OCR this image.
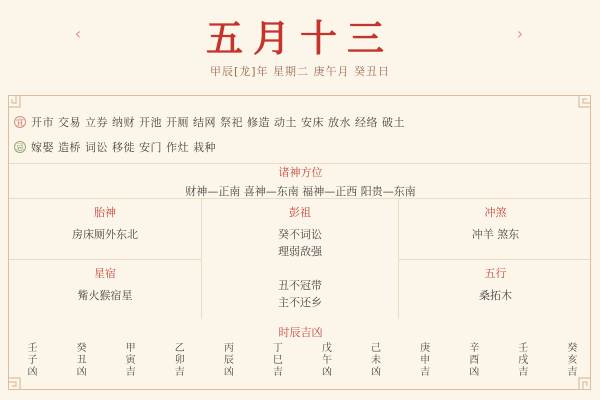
‹	五月十三	›
甲辰[龙]年 星期二 庚午月 癸丑日
宜 开市 交易 立券 纳财 开池 开厕 结网 祭祀 修造 动土 安床 放水 经络 破土
忌 嫁娶 造桥 词讼 移徙 安门 作灶 栽种
诸神方位
财神—正南 喜神—东南 福神—正西 阳贵—东南
胎神
房床厕外东北
星宿
觜火猴宿星
彭祖
癸不词讼
理弱敌强
丑不冠带
主不还乡
冲煞
冲羊 煞东
五行
桑拓木
时辰吉凶
壬子凶	癸丑凶	甲寅吉	乙卯吉	丙辰凶	丁巳吉	戊午凶	己未凶	庚申吉	辛酉凶	壬戌吉	癸亥吉
